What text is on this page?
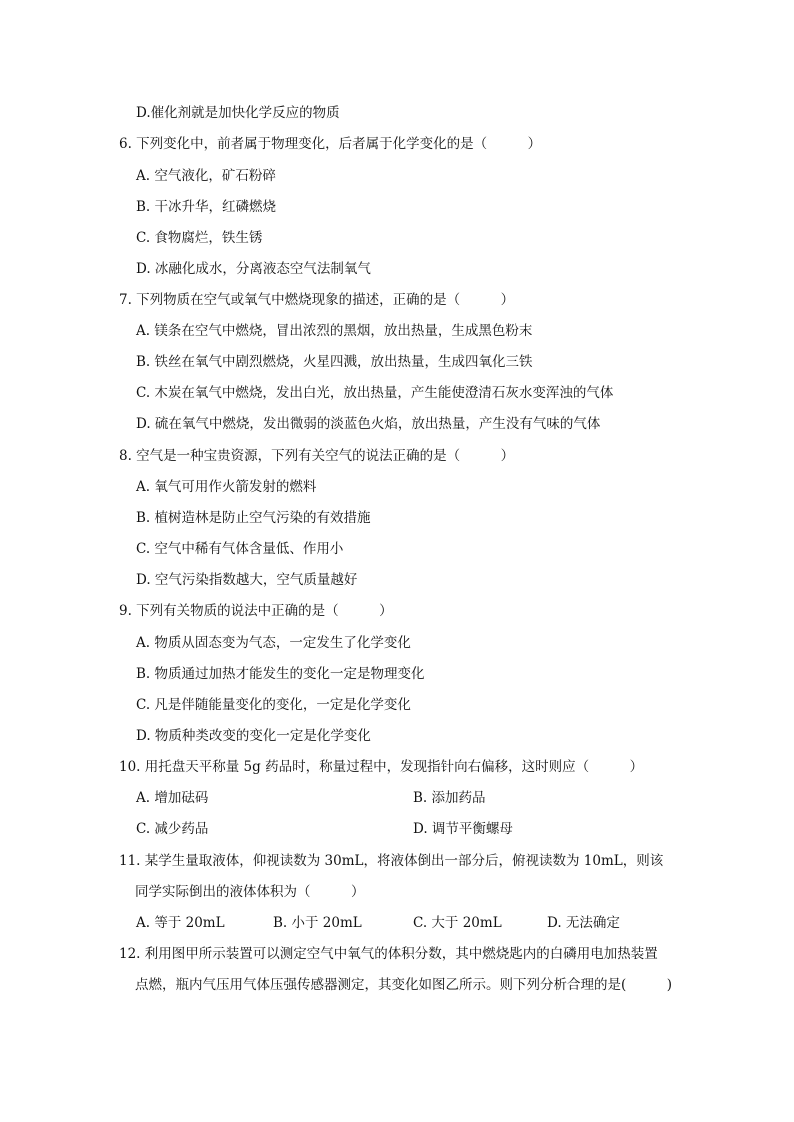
D.催化剂就是加快化学反应的物质
6. 下列变化中，前者属于物理变化，后者属于化学变化的是（　　　）
A. 空气液化，矿石粉碎
B. 干冰升华，红磷燃烧
C. 食物腐烂，铁生锈
D. 冰融化成水，分离液态空气法制氧气
7. 下列物质在空气或氧气中燃烧现象的描述，正确的是（　　　）
A. 镁条在空气中燃烧，冒出浓烈的黑烟，放出热量，生成黑色粉末
B. 铁丝在氧气中剧烈燃烧，火星四溅，放出热量，生成四氧化三铁
C. 木炭在氧气中燃烧，发出白光，放出热量，产生能使澄清石灰水变浑浊的气体
D. 硫在氧气中燃烧，发出微弱的淡蓝色火焰，放出热量，产生没有气味的气体
8. 空气是一种宝贵资源，下列有关空气的说法正确的是（　　　）
A. 氧气可用作火箭发射的燃料
B. 植树造林是防止空气污染的有效措施
C. 空气中稀有气体含量低、作用小
D. 空气污染指数越大，空气质量越好
9. 下列有关物质的说法中正确的是（　　　）
A. 物质从固态变为气态，一定发生了化学变化
B. 物质通过加热才能发生的变化一定是物理变化
C. 凡是伴随能量变化的变化，一定是化学变化
D. 物质种类改变的变化一定是化学变化
10. 用托盘天平称量 5g 药品时，称量过程中，发现指针向右偏移，这时则应（　　　）
A. 增加砝码	B. 添加药品
C. 减少药品	D. 调节平衡螺母
11. 某学生量取液体，仰视读数为 30mL，将液体倒出一部分后，俯视读数为 10mL，则该
同学实际倒出的液体体积为（　　　）
A. 等于 20mL	B. 小于 20mL	C. 大于 20mL	D. 无法确定
12. 利用图甲所示装置可以测定空气中氧气的体积分数，其中燃烧匙内的白磷用电加热装置
点燃，瓶内气压用气体压强传感器测定，其变化如图乙所示。则下列分析合理的是(　　　)
